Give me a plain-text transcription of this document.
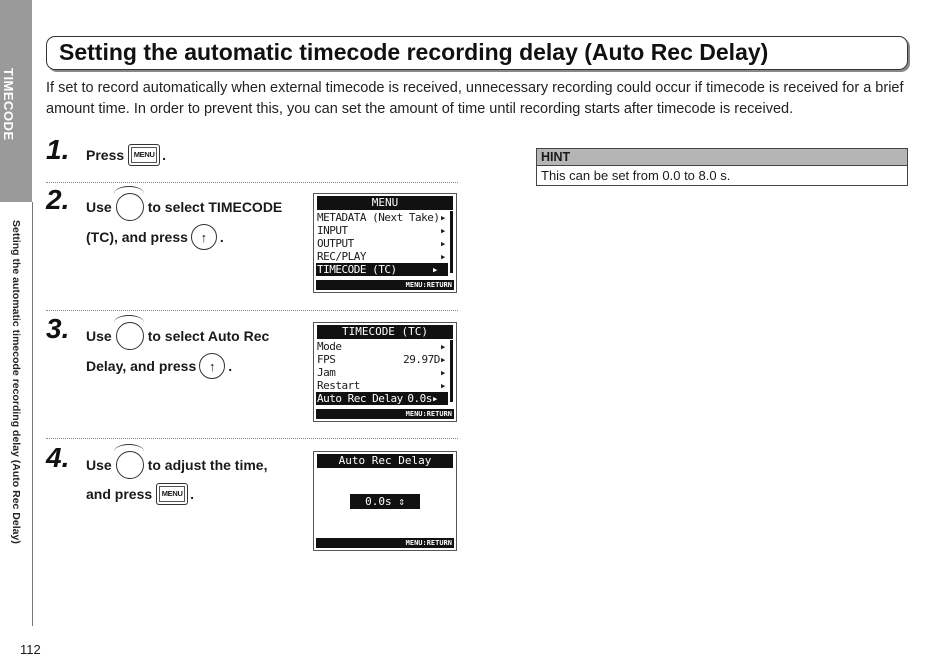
TIMECODE
Setting the automatic timecode recording delay (Auto Rec Delay)
112
Setting the automatic timecode recording delay (Auto Rec Delay)
If set to record automatically when external timecode is received, unnecessary recording could occur if timecode is received for a brief amount time. In order to prevent this, you can set the amount of time until recording starts after timecode is received.
1. Press	MENU .
2. Use	to select TIMECODE
(TC), and press ↑ .
MENU
METADATA (Next Take) ▸
INPUT	▸
OUTPUT	▸
REC/PLAY	▸
TIMECODE (TC)	▸
MENU:RETURN
3. Use	to select Auto Rec
Delay, and press ↑ .
TIMECODE (TC)
Mode	▸
FPS	29.97D▸
Jam	▸
Restart	▸
Auto Rec Delay 0.0s▸
MENU:RETURN
4. Use	to adjust the time,
and press	MENU .
Auto Rec Delay
0.0s ⇕
MENU:RETURN
HINT
This can be set from 0.0 to 8.0 s.
